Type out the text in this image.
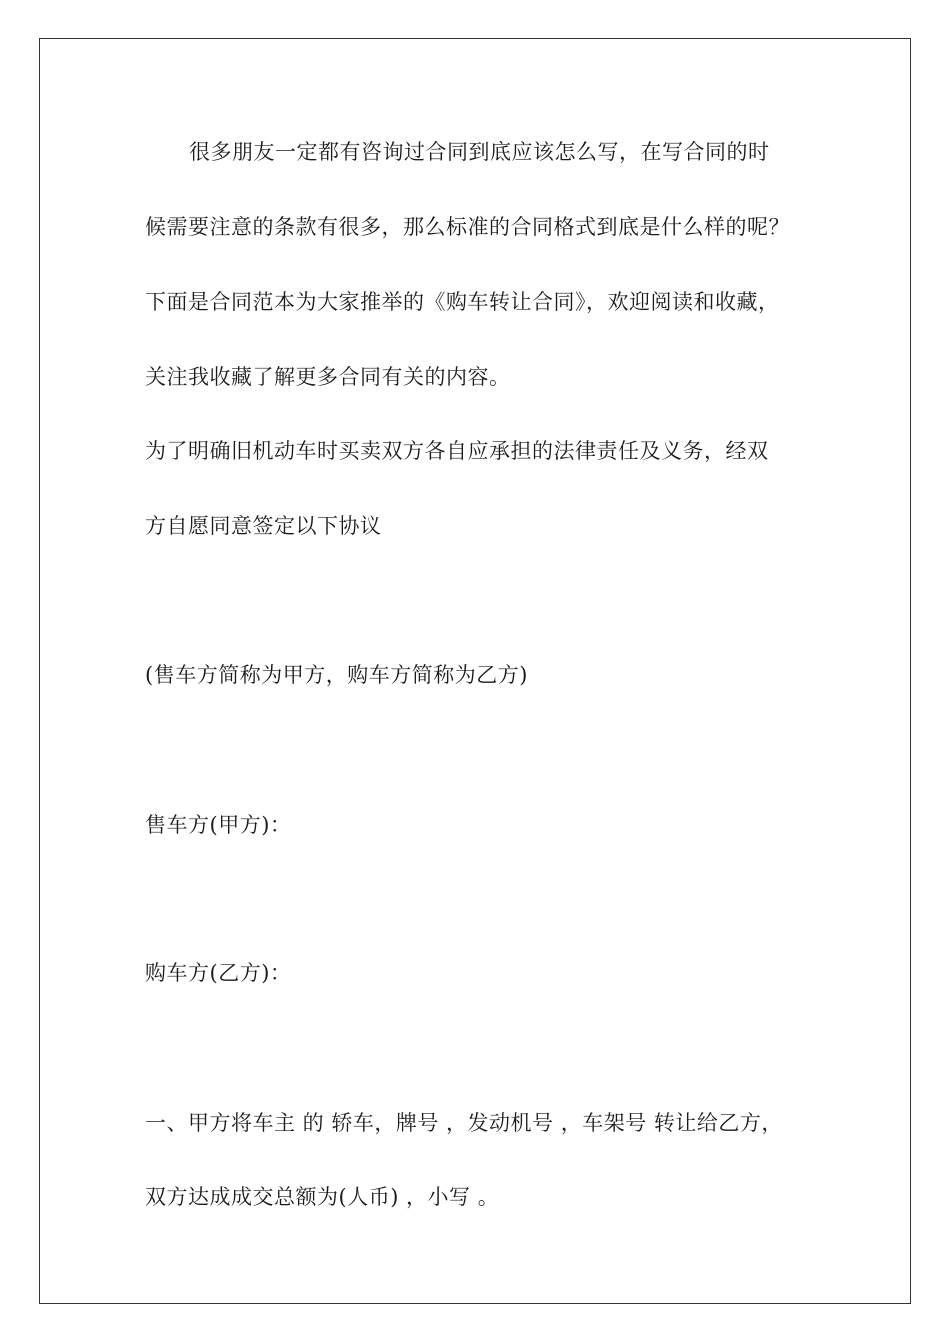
很多朋友一定都有咨询过合同到底应该怎么写，在写合同的时
候需要注意的条款有很多，那么标准的合同格式到底是什么样的呢？
下面是合同范本为大家推举的《购车转让合同》，欢迎阅读和收藏，
关注我收藏了解更多合同有关的内容。
为了明确旧机动车时买卖双方各自应承担的法律责任及义务，经双
方自愿同意签定以下协议
(售车方简称为甲方，购车方简称为乙方)
售车方(甲方)：
购车方(乙方)：
一、甲方将车主 的 轿车，牌号 ，发动机号 ，车架号 转让给乙方，
双方达成成交总额为(人币) ，小写 。
